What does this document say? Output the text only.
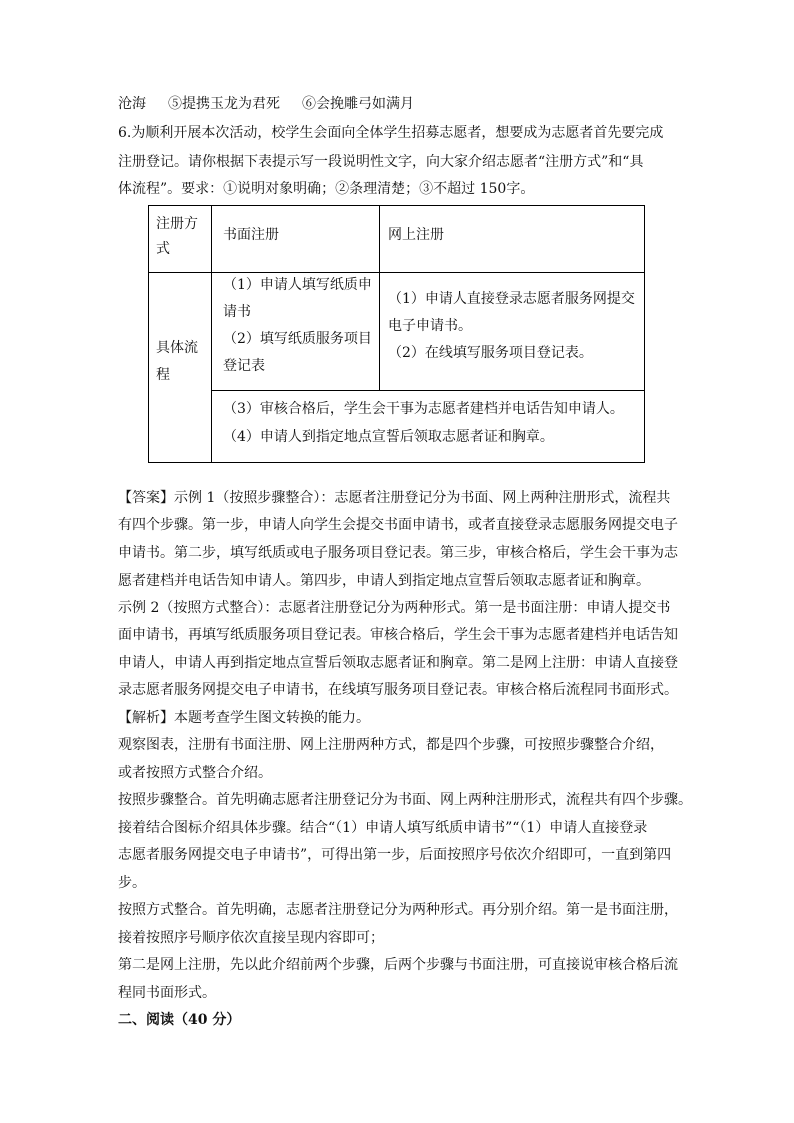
沧海 ⑤提携玉龙为君死 ⑥会挽雕弓如满月
6.为顺利开展本次活动，校学生会面向全体学生招募志愿者，想要成为志愿者首先要完成
注册登记。请你根据下表提示写一段说明性文字，向大家介绍志愿者“注册方式”和“具
体流程”。要求：①说明对象明确；②条理清楚；③不超过 150字。
注册方
式
书面注册	网上注册
具体流
程
（1）申请人填写纸质申
请书
（2）填写纸质服务项目
登记表
（1）申请人直接登录志愿者服务网提交
电子申请书。
（2）在线填写服务项目登记表。
（3）审核合格后，学生会干事为志愿者建档并电话告知申请人。
（4）申请人到指定地点宣誓后领取志愿者证和胸章。
【答案】示例 1（按照步骤整合）：志愿者注册登记分为书面、网上两种注册形式，流程共
有四个步骤。第一步，申请人向学生会提交书面申请书，或者直接登录志愿服务网提交电子
申请书。第二步，填写纸质或电子服务项目登记表。第三步，审核合格后，学生会干事为志
愿者建档并电话告知申请人。第四步，申请人到指定地点宣誓后领取志愿者证和胸章。
示例 2（按照方式整合）：志愿者注册登记分为两种形式。第一是书面注册：申请人提交书
面申请书，再填写纸质服务项目登记表。审核合格后，学生会干事为志愿者建档并电话告知
申请人，申请人再到指定地点宣誓后领取志愿者证和胸章。第二是网上注册：申请人直接登
录志愿者服务网提交电子申请书，在线填写服务项目登记表。审核合格后流程同书面形式。
【解析】本题考查学生图文转换的能力。
观察图表，注册有书面注册、网上注册两种方式，都是四个步骤，可按照步骤整合介绍，
或者按照方式整合介绍。
按照步骤整合。首先明确志愿者注册登记分为书面、网上两种注册形式，流程共有四个步骤。
接着结合图标介绍具体步骤。结合“（1）申请人填写纸质申请书”“（1）申请人直接登录
志愿者服务网提交电子申请书”，可得出第一步，后面按照序号依次介绍即可，一直到第四
步。
按照方式整合。首先明确，志愿者注册登记分为两种形式。再分别介绍。第一是书面注册，
接着按照序号顺序依次直接呈现内容即可；
第二是网上注册，先以此介绍前两个步骤，后两个步骤与书面注册，可直接说审核合格后流
程同书面形式。
二、阅读（40 分）
